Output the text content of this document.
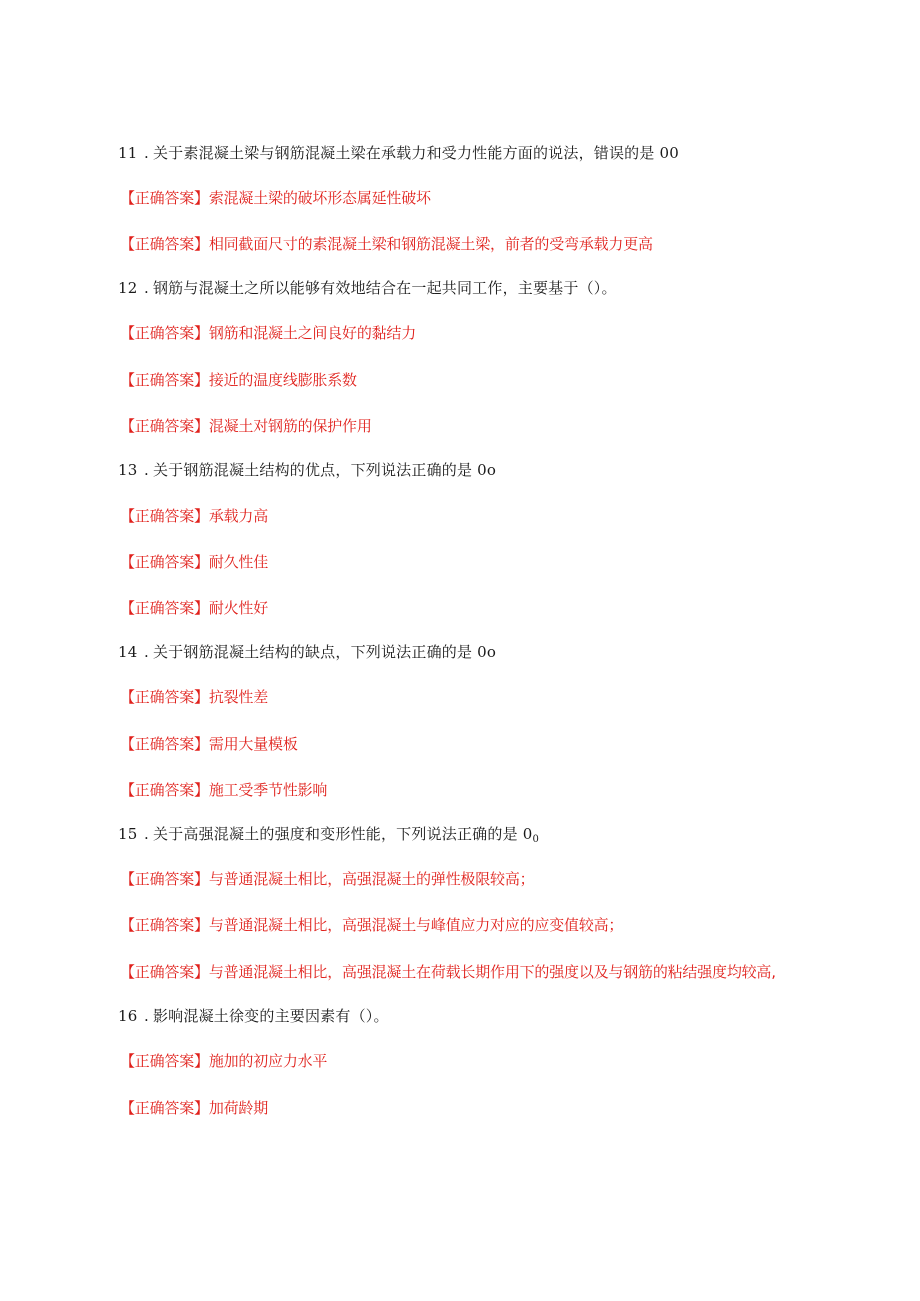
11 . 关于素混凝土梁与钢筋混凝土梁在承载力和受力性能方面的说法，错误的是 00
【正确答案】索混凝土梁的破坏形态属延性破坏
【正确答案】相同截面尺寸的素混凝土梁和钢筋混凝土梁，前者的受弯承载力更高
12 . 钢筋与混凝土之所以能够有效地结合在一起共同工作，主要基于（）。
【正确答案】钢筋和混凝土之间良好的黏结力
【正确答案】接近的温度线膨胀系数
【正确答案】混凝土对钢筋的保护作用
13 . 关于钢筋混凝土结构的优点，下列说法正确的是 0o
【正确答案】承载力高
【正确答案】耐久性佳
【正确答案】耐火性好
14 . 关于钢筋混凝土结构的缺点，下列说法正确的是 0o
【正确答案】抗裂性差
【正确答案】需用大量模板
【正确答案】施工受季节性影响
15 . 关于高强混凝土的强度和变形性能，下列说法正确的是 $0_0$
【正确答案】与普通混凝土相比，高强混凝土的弹性极限较高；
【正确答案】与普通混凝土相比，高强混凝土与峰值应力对应的应变值较高；
【正确答案】与普通混凝土相比，高强混凝土在荷载长期作用下的强度以及与钢筋的粘结强度均较高,
16 . 影响混凝土徐变的主要因素有（）。
【正确答案】施加的初应力水平
【正确答案】加荷龄期
